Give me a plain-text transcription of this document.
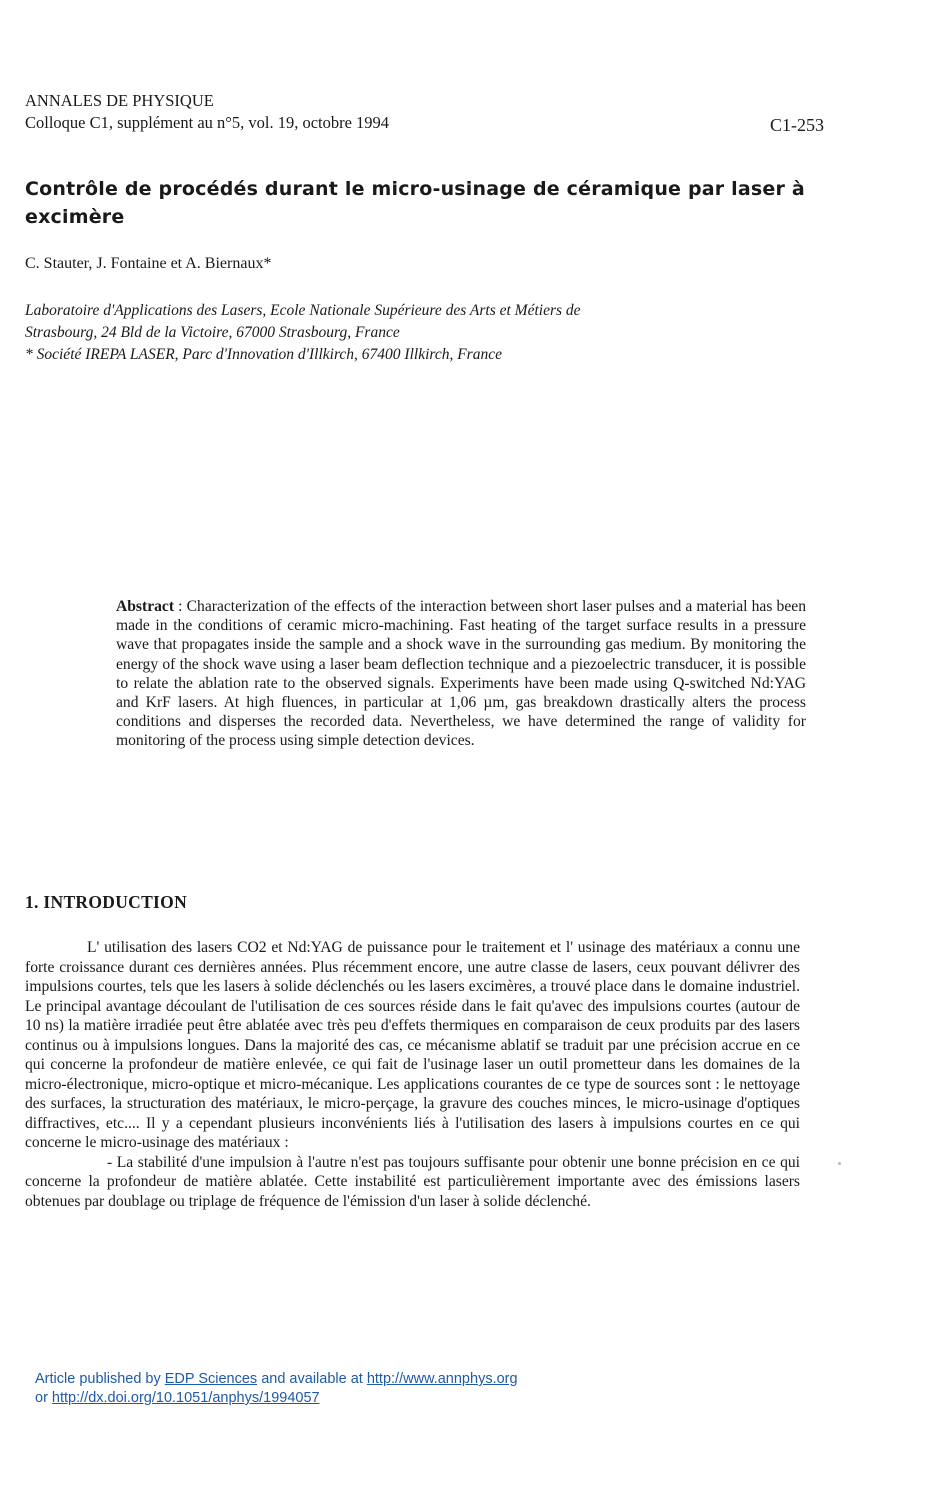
ANNALES DE PHYSIQUE
Colloque C1, supplément au n°5, vol. 19, octobre 1994	C1-253
Contrôle de procédés durant le micro-usinage de céramique par laser à excimère
C. Stauter, J. Fontaine et A. Biernaux*
Laboratoire d'Applications des Lasers, Ecole Nationale Supérieure des Arts et Métiers de
Strasbourg, 24 Bld de la Victoire, 67000 Strasbourg, France
* Société IREPA LASER, Parc d'Innovation d'Illkirch, 67400 Illkirch, France
Abstract : Characterization of the effects of the interaction between short laser pulses and a material has been made in the conditions of ceramic micro-machining. Fast heating of the target surface results in a pressure wave that propagates inside the sample and a shock wave in the surrounding gas medium. By monitoring the energy of the shock wave using a laser beam deflection technique and a piezoelectric transducer, it is possible to relate the ablation rate to the observed signals. Experiments have been made using Q-switched Nd:YAG and KrF lasers. At high fluences, in particular at 1,06 µm, gas breakdown drastically alters the process conditions and disperses the recorded data. Nevertheless, we have determined the range of validity for monitoring of the process using simple detection devices.
1. INTRODUCTION

L' utilisation des lasers CO2 et Nd:YAG de puissance pour le traitement et l' usinage des matériaux a connu une forte croissance durant ces dernières années. Plus récemment encore, une autre classe de lasers, ceux pouvant délivrer des impulsions courtes, tels que les lasers à solide déclenchés ou les lasers excimères, a trouvé place dans le domaine industriel. Le principal avantage découlant de l'utilisation de ces sources réside dans le fait qu'avec des impulsions courtes (autour de 10 ns) la matière irradiée peut être ablatée avec très peu d'effets thermiques en comparaison de ceux produits par des lasers continus ou à impulsions longues. Dans la majorité des cas, ce mécanisme ablatif se traduit par une précision accrue en ce qui concerne la profondeur de matière enlevée, ce qui fait de l'usinage laser un outil prometteur dans les domaines de la micro-électronique, micro-optique et micro-mécanique. Les applications courantes de ce type de sources sont : le nettoyage des surfaces, la structuration des matériaux, le micro-perçage, la gravure des couches minces, le micro-usinage d'optiques diffractives, etc.... Il y a cependant plusieurs inconvénients liés à l'utilisation des lasers à impulsions courtes en ce qui concerne le micro-usinage des matériaux :

- La stabilité d'une impulsion à l'autre n'est pas toujours suffisante pour obtenir une bonne précision en ce qui concerne la profondeur de matière ablatée. Cette instabilité est particulièrement importante avec des émissions lasers obtenues par doublage ou triplage de fréquence de l'émission d'un laser à solide déclenché.

Article published by EDP Sciences and available at http://www.annphys.org
or http://dx.doi.org/10.1051/anphys/1994057
